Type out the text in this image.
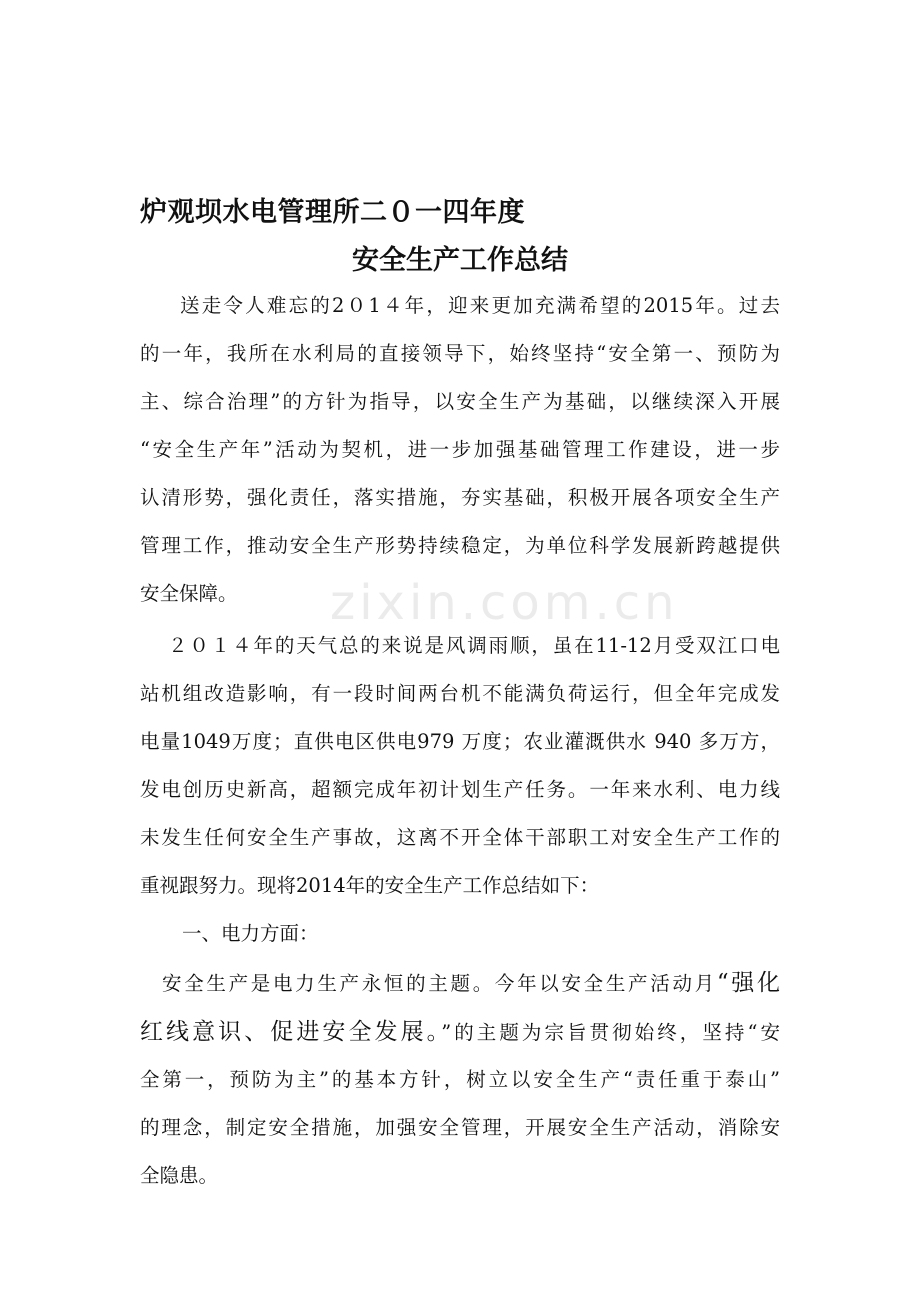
zixin.com.cn
炉观坝水电管理所二０一四年度
安全生产工作总结
送走令人难忘的2０1４年，迎来更加充满希望的2015年。过去
的一年，我所在水利局的直接领导下，始终坚持“安全第一、预防为
主、综合治理”的方针为指导，以安全生产为基础，以继续深入开展
“安全生产年”活动为契机，进一步加强基础管理工作建设，进一步
认清形势，强化责任，落实措施，夯实基础，积极开展各项安全生产
管理工作，推动安全生产形势持续稳定，为单位科学发展新跨越提供
安全保障。
２０１４年的天气总的来说是风调雨顺，虽在11-12月受双江口电
站机组改造影响，有一段时间两台机不能满负荷运行，但全年完成发
电量1049万度；直供电区供电979 万度；农业灌溉供水 940 多万方，
发电创历史新高，超额完成年初计划生产任务。一年来水利、电力线
未发生任何安全生产事故，这离不开全体干部职工对安全生产工作的
重视跟努力。现将2014年的安全生产工作总结如下：
一、电力方面：
安全生产是电力生产永恒的主题。今年以安全生产活动月“强化
红线意识、促进安全发展。”的主题为宗旨贯彻始终，坚持“安
全第一，预防为主”的基本方针，树立以安全生产“责任重于泰山”
的理念，制定安全措施，加强安全管理，开展安全生产活动，消除安
全隐患。
